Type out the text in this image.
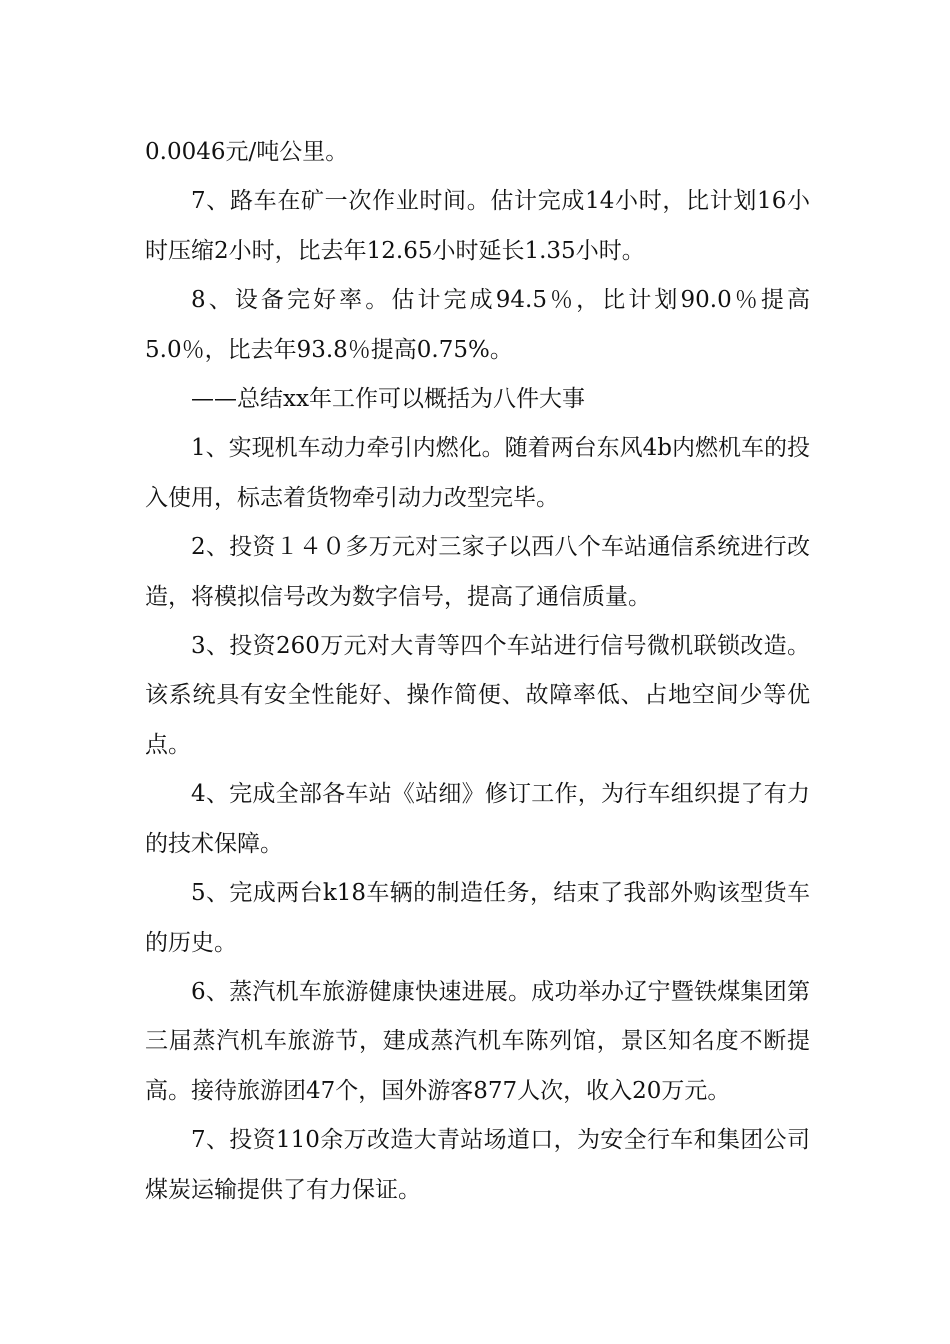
0.0046元/吨公里。

7、路车在矿一次作业时间。估计完成14小时，比计划16小时压缩2小时，比去年12.65小时延长1.35小时。

8、设备完好率。估计完成94.5％，比计划90.0％提高5.0％，比去年93.8％提高0.75%。

——总结xx年工作可以概括为八件大事

1、实现机车动力牵引内燃化。随着两台东风4b内燃机车的投入使用，标志着货物牵引动力改型完毕。

2、投资１４０多万元对三家子以西八个车站通信系统进行改造，将模拟信号改为数字信号，提高了通信质量。

3、投资260万元对大青等四个车站进行信号微机联锁改造。该系统具有安全性能好、操作简便、故障率低、占地空间少等优点。

4、完成全部各车站《站细》修订工作，为行车组织提了有力的技术保障。

5、完成两台k18车辆的制造任务，结束了我部外购该型货车的历史。

6、蒸汽机车旅游健康快速进展。成功举办辽宁暨铁煤集团第三届蒸汽机车旅游节，建成蒸汽机车陈列馆，景区知名度不断提高。接待旅游团47个，国外游客877人次，收入20万元。

7、投资110余万改造大青站场道口，为安全行车和集团公司煤炭运输提供了有力保证。
